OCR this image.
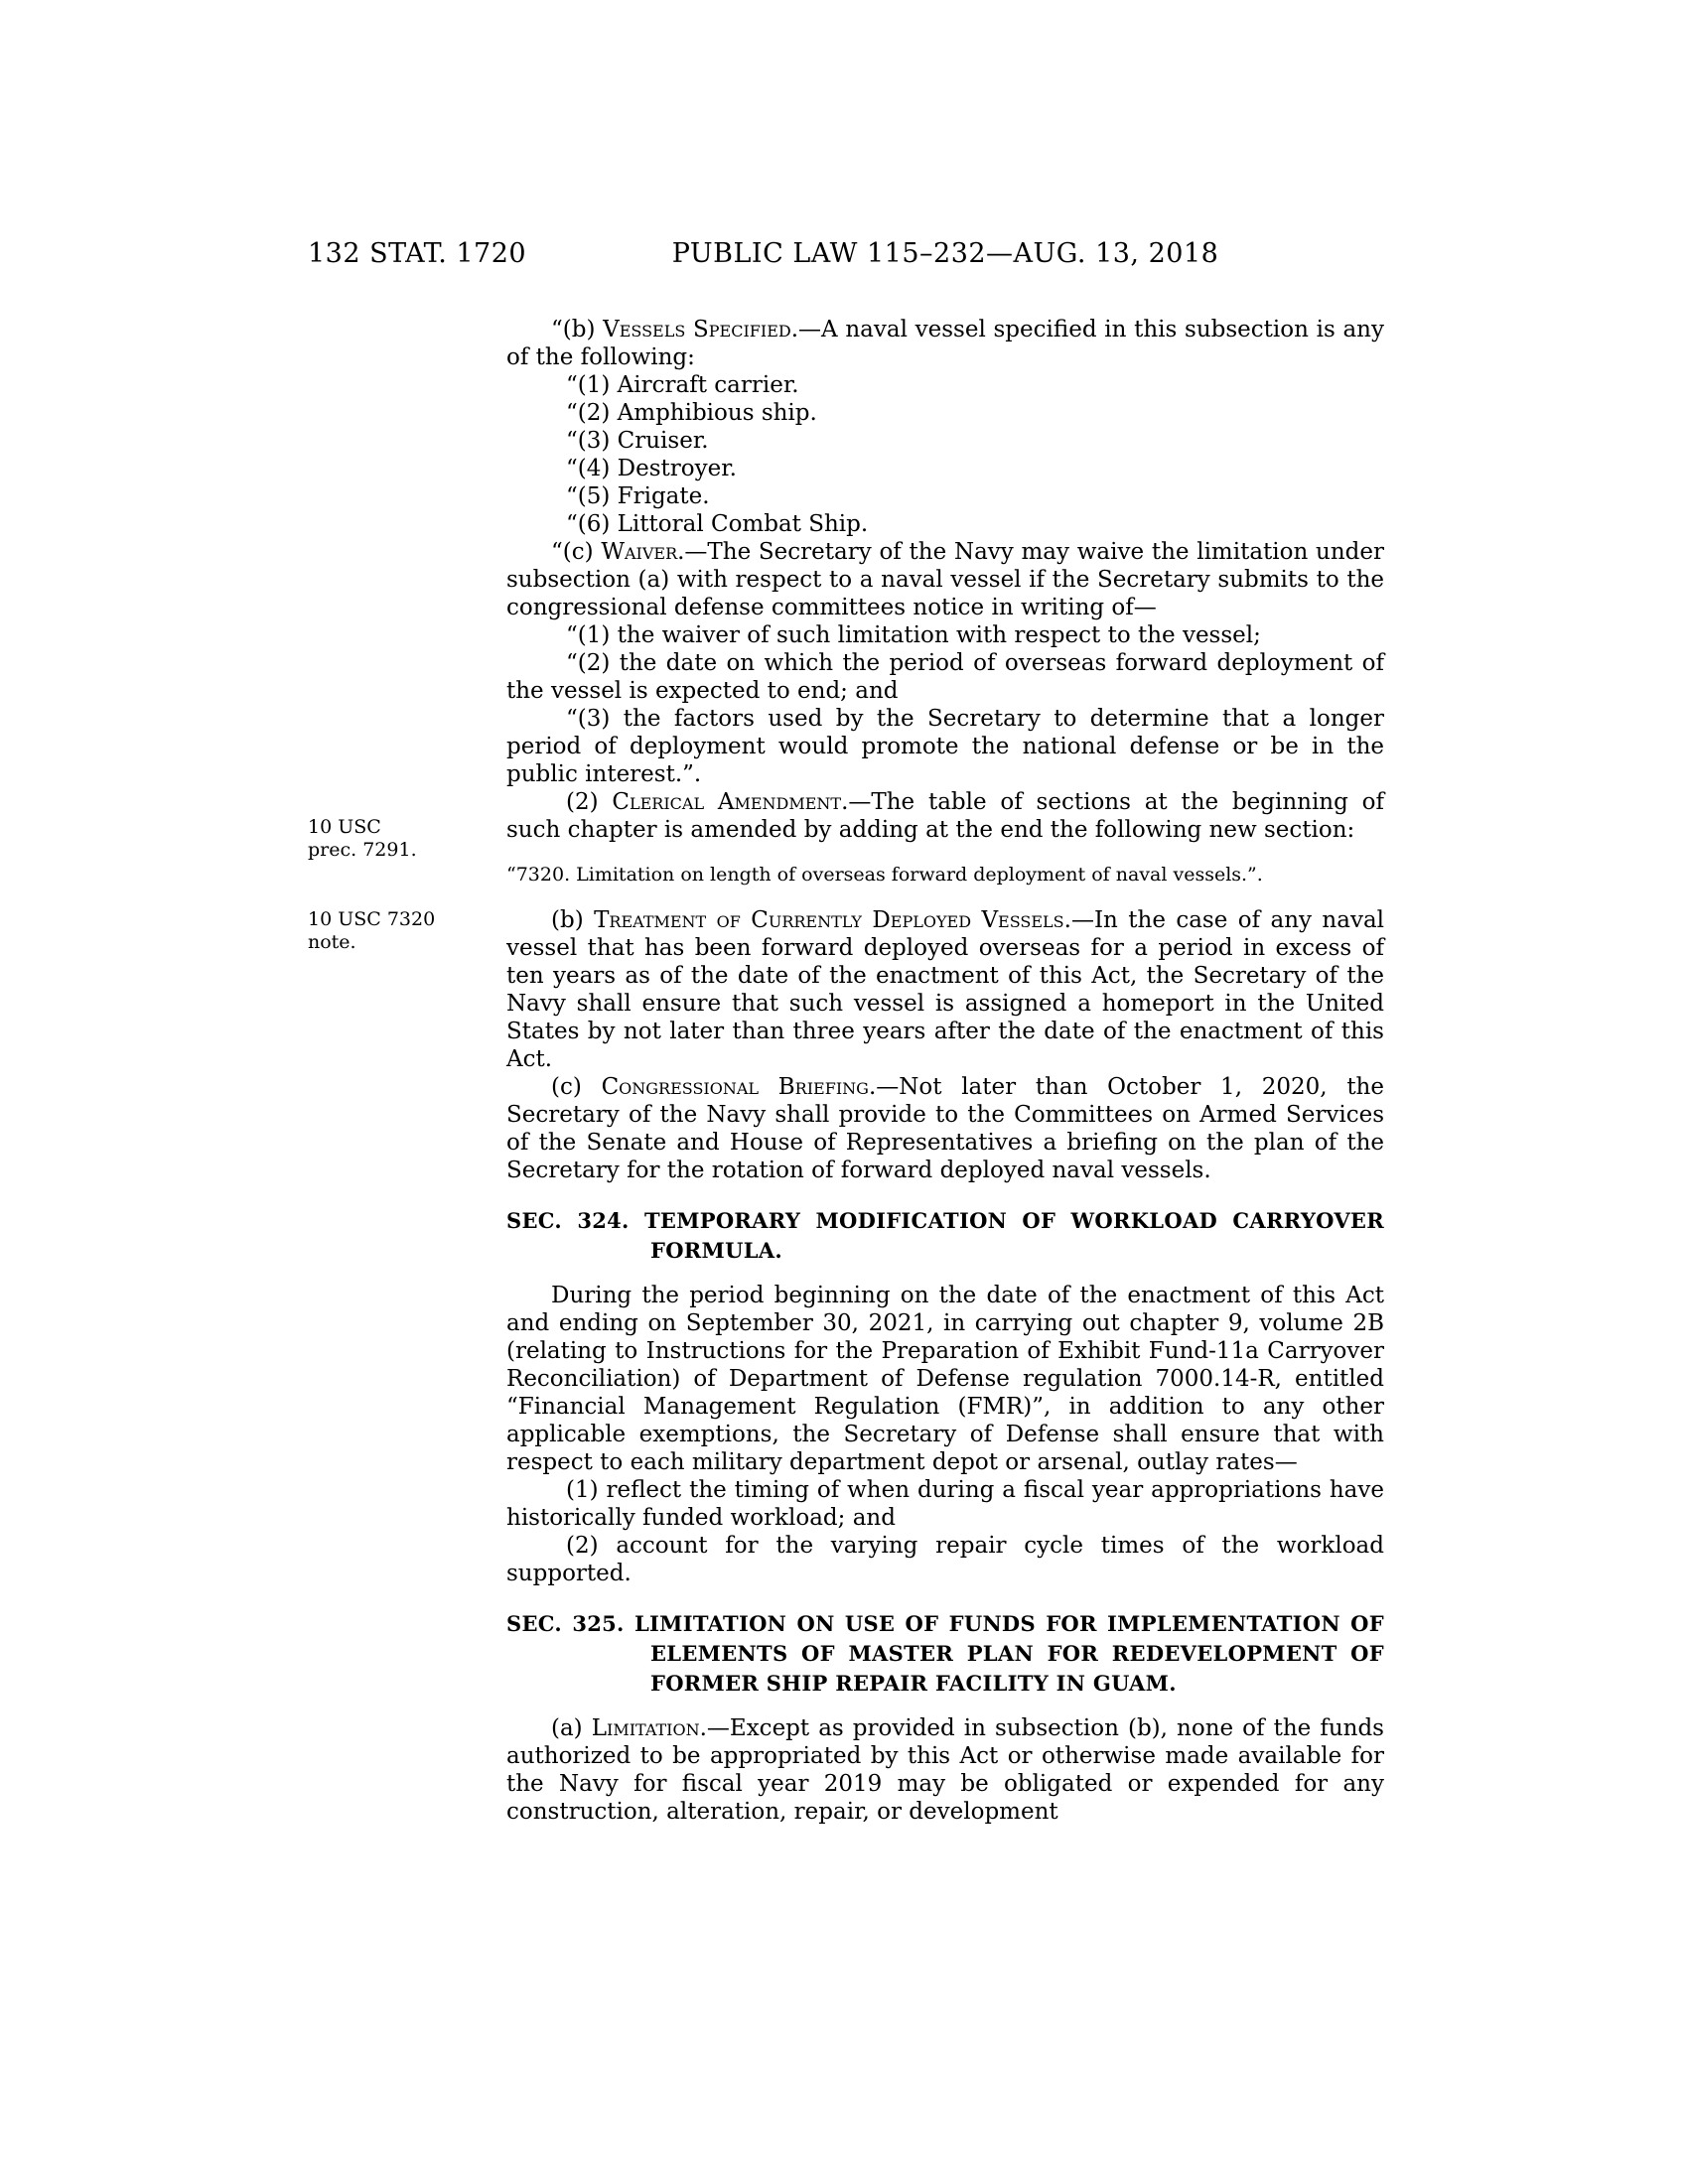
132 STAT. 1720	PUBLIC LAW 115–232—AUG. 13, 2018

“(b) Vessels Specified.—A naval vessel specified in this subsection is any of the following:

“(1) Aircraft carrier.

“(2) Amphibious ship.

“(3) Cruiser.

“(4) Destroyer.

“(5) Frigate.

“(6) Littoral Combat Ship.

“(c) Waiver.—The Secretary of the Navy may waive the limitation under subsection (a) with respect to a naval vessel if the Secretary submits to the congressional defense committees notice in writing of—

“(1) the waiver of such limitation with respect to the vessel;

“(2) the date on which the period of overseas forward deployment of the vessel is expected to end; and

“(3) the factors used by the Secretary to determine that a longer period of deployment would promote the national defense or be in the public interest.”.

10 USC
prec. 7291.
(2) Clerical Amendment.—The table of sections at the beginning of such chapter is amended by adding at the end the following new section:

“7320. Limitation on length of overseas forward deployment of naval vessels.”.

10 USC 7320
note.
(b) Treatment of Currently Deployed Vessels.—In the case of any naval vessel that has been forward deployed overseas for a period in excess of ten years as of the date of the enactment of this Act, the Secretary of the Navy shall ensure that such vessel is assigned a homeport in the United States by not later than three years after the date of the enactment of this Act.

(c) Congressional Briefing.—Not later than October 1, 2020, the Secretary of the Navy shall provide to the Committees on Armed Services of the Senate and House of Representatives a briefing on the plan of the Secretary for the rotation of forward deployed naval vessels.

SEC. 324. TEMPORARY MODIFICATION OF WORKLOAD CARRYOVER FORMULA.

During the period beginning on the date of the enactment of this Act and ending on September 30, 2021, in carrying out chapter 9, volume 2B (relating to Instructions for the Preparation of Exhibit Fund-11a Carryover Reconciliation) of Department of Defense regulation 7000.14-R, entitled “Financial Management Regulation (FMR)”, in addition to any other applicable exemptions, the Secretary of Defense shall ensure that with respect to each military department depot or arsenal, outlay rates—

(1) reflect the timing of when during a fiscal year appropriations have historically funded workload; and

(2) account for the varying repair cycle times of the workload supported.

SEC. 325. LIMITATION ON USE OF FUNDS FOR IMPLEMENTATION OF ELEMENTS OF MASTER PLAN FOR REDEVELOPMENT OF FORMER SHIP REPAIR FACILITY IN GUAM.

(a) Limitation.—Except as provided in subsection (b), none of the funds authorized to be appropriated by this Act or otherwise made available for the Navy for fiscal year 2019 may be obligated or expended for any construction, alteration, repair, or development
